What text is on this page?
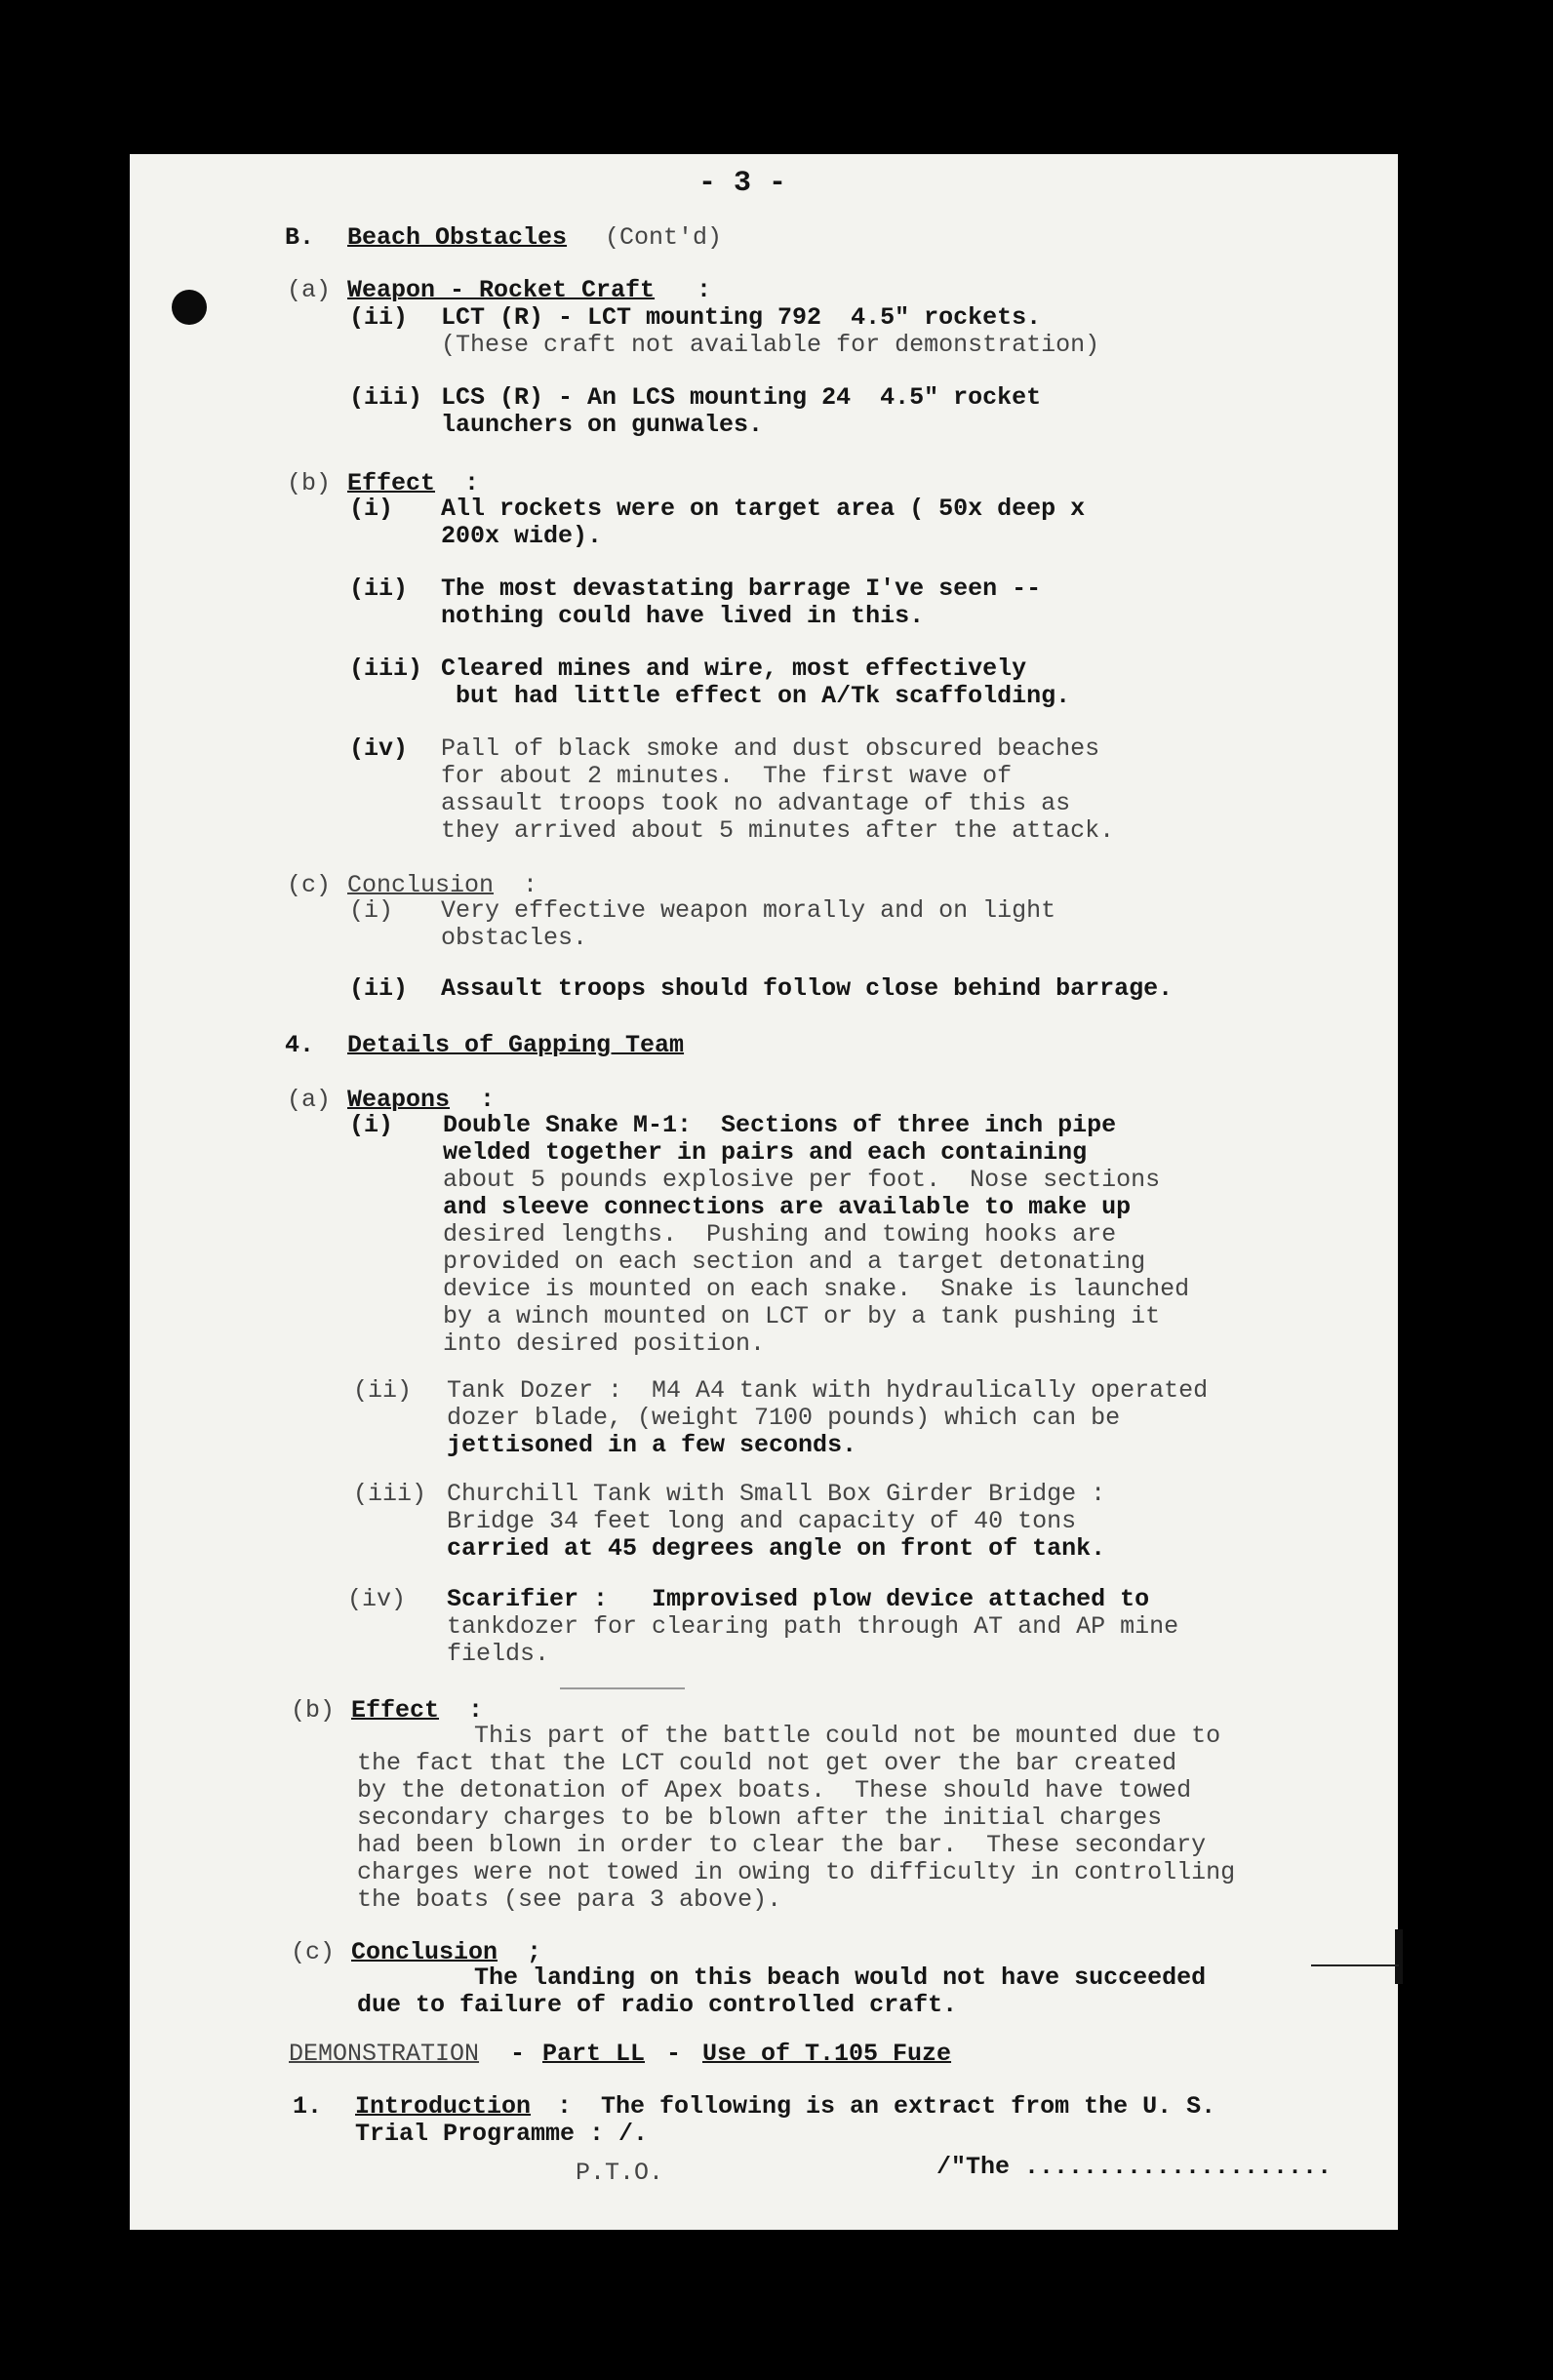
- 3 -

B. Beach Obstacles (Cont'd)

(a) Weapon - Rocket Craft :

(ii) LCT (R) - LCT mounting 792  4.5" rockets.

(These craft not available for demonstration)

(iii) LCS (R) - An LCS mounting 24  4.5" rocket

launchers on gunwales.

(b) Effect :

(i) All rockets were on target area ( 50x deep x

200x wide).

(ii) The most devastating barrage I've seen --

nothing could have lived in this.

(iii) Cleared mines and wire, most effectively

but had little effect on A/Tk scaffolding.

(iv) Pall of black smoke and dust obscured beaches

for about 2 minutes.  The first wave of

assault troops took no advantage of this as

they arrived about 5 minutes after the attack.

(c) Conclusion :

(i) Very effective weapon morally and on light

obstacles.

(ii) Assault troops should follow close behind barrage.

4. Details of Gapping Team

(a) Weapons :

(i) Double Snake M-1:  Sections of three inch pipe

welded together in pairs and each containing

about 5 pounds explosive per foot.  Nose sections

and sleeve connections are available to make up

desired lengths.  Pushing and towing hooks are

provided on each section and a target detonating

device is mounted on each snake.  Snake is launched

by a winch mounted on LCT or by a tank pushing it

into desired position.

(ii) Tank Dozer :  M4 A4 tank with hydraulically operated

dozer blade, (weight 7100 pounds) which can be

jettisoned in a few seconds.

(iii) Churchill Tank with Small Box Girder Bridge :

Bridge 34 feet long and capacity of 40 tons

carried at 45 degrees angle on front of tank.

(iv) Scarifier :   Improvised plow device attached to

tankdozer for clearing path through AT and AP mine

fields.

(b) Effect :

This part of the battle could not be mounted due to

the fact that the LCT could not get over the bar created

by the detonation of Apex boats.  These should have towed

secondary charges to be blown after the initial charges

had been blown in order to clear the bar.  These secondary

charges were not towed in owing to difficulty in controlling

the boats (see para 3 above).

(c) Conclusion ;

The landing on this beach would not have succeeded

due to failure of radio controlled craft.

DEMONSTRATION - Part LL - Use of T.105 Fuze

1. Introduction :  The following is an extract from the U. S.

Trial Programme : /.

P.T.O.	/"The .....................
